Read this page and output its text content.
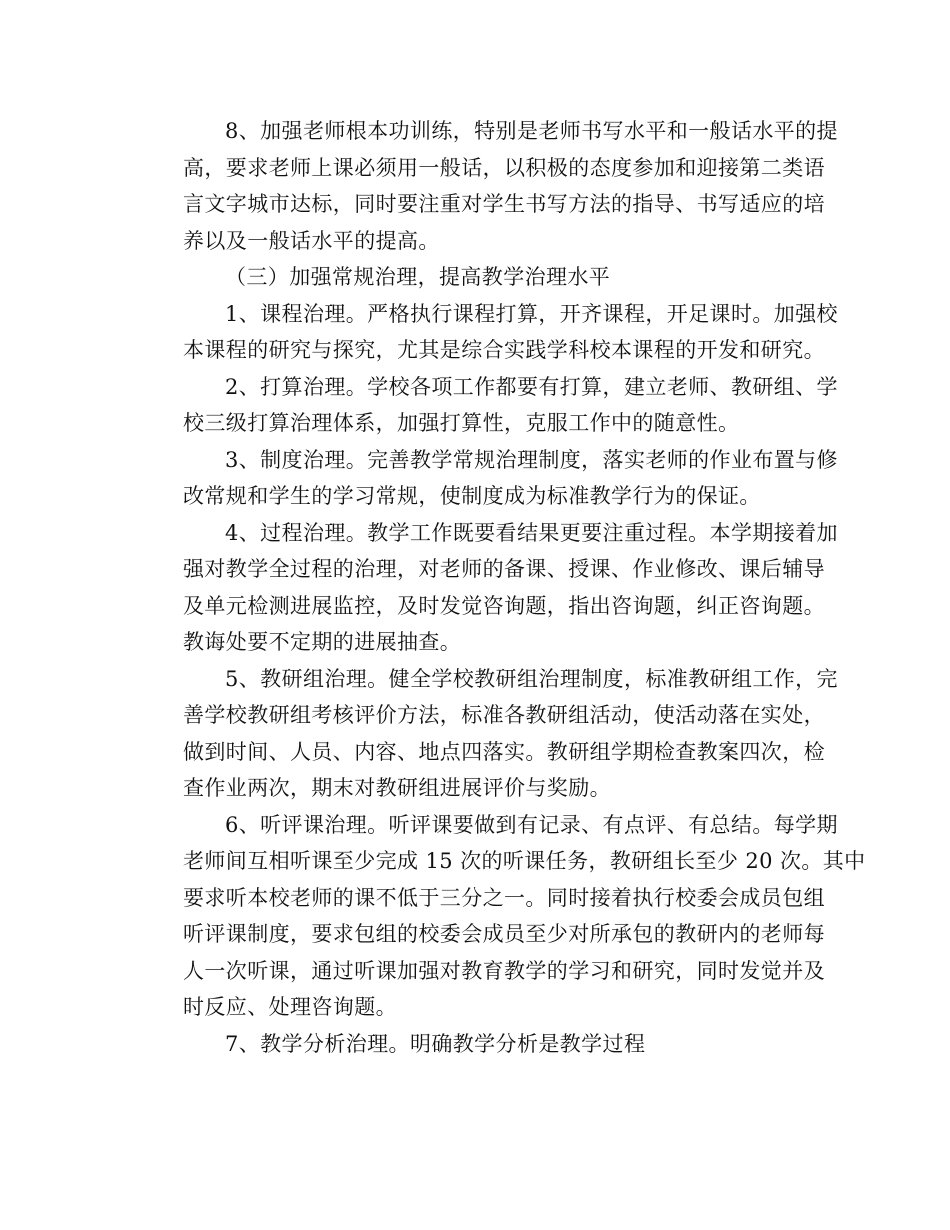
8、加强老师根本功训练，特别是老师书写水平和一般话水平的提
高，要求老师上课必须用一般话，以积极的态度参加和迎接第二类语
言文字城市达标，同时要注重对学生书写方法的指导、书写适应的培
养以及一般话水平的提高。
（三）加强常规治理，提高教学治理水平
1、课程治理。严格执行课程打算，开齐课程，开足课时。加强校
本课程的研究与探究，尤其是综合实践学科校本课程的开发和研究。
2、打算治理。学校各项工作都要有打算，建立老师、教研组、学
校三级打算治理体系，加强打算性，克服工作中的随意性。
3、制度治理。完善教学常规治理制度，落实老师的作业布置与修
改常规和学生的学习常规，使制度成为标准教学行为的保证。
4、过程治理。教学工作既要看结果更要注重过程。本学期接着加
强对教学全过程的治理，对老师的备课、授课、作业修改、课后辅导
及单元检测进展监控，及时发觉咨询题，指出咨询题，纠正咨询题。
教诲处要不定期的进展抽查。
5、教研组治理。健全学校教研组治理制度，标准教研组工作，完
善学校教研组考核评价方法，标准各教研组活动，使活动落在实处，
做到时间、人员、内容、地点四落实。教研组学期检查教案四次，检
查作业两次，期末对教研组进展评价与奖励。
6、听评课治理。听评课要做到有记录、有点评、有总结。每学期
老师间互相听课至少完成 15 次的听课任务，教研组长至少 20 次。其中
要求听本校老师的课不低于三分之一。同时接着执行校委会成员包组
听评课制度，要求包组的校委会成员至少对所承包的教研内的老师每
人一次听课，通过听课加强对教育教学的学习和研究，同时发觉并及
时反应、处理咨询题。
7、教学分析治理。明确教学分析是教学过程
